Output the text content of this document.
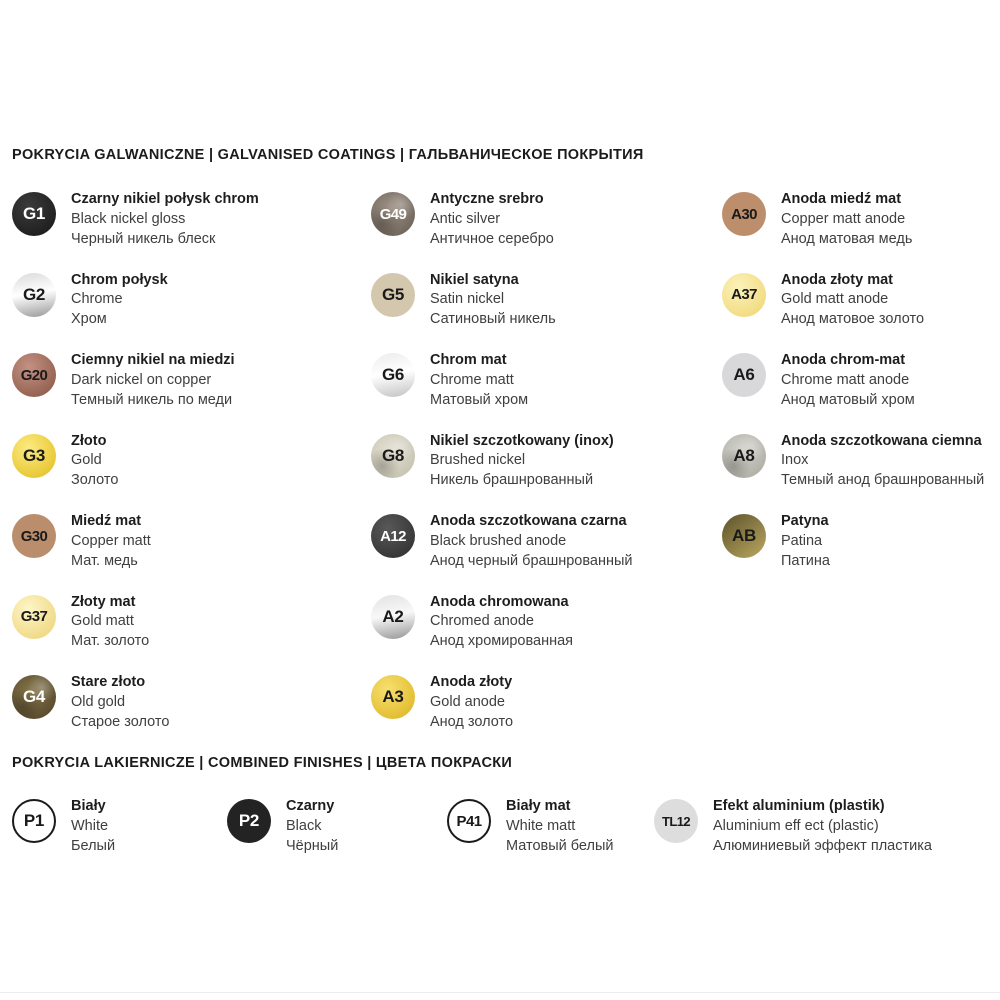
POKRYCIA GALWANICZNE | GALVANISED COATINGS | ГАЛЬВАНИЧЕСКОЕ ПОКРЫТИЯ
G1
Czarny nikiel połysk chrom
Black nickel gloss
Черный никель блеск
G2
Chrom połysk
Chrome
Хром
G20
Ciemny nikiel na miedzi
Dark nickel on copper
Темный никель по меди
G3
Złoto
Gold
Золото
G30
Miedź mat
Copper matt
Мат. медь
G37
Złoty mat
Gold matt
Мат. золото
G4
Stare złoto
Old gold
Старое золото
G49
Antyczne srebro
Antic silver
Античное серебро
G5
Nikiel satyna
Satin nickel
Сатиновый никель
G6
Chrom mat
Chrome matt
Матовый хром
G8
Nikiel szczotkowany (inox)
Brushed nickel
Никель брашнрованный
A12
Anoda szczotkowana czarna
Black brushed anode
Анод черный брашнрованный
A2
Anoda chromowana
Chromed anode
Анод хромированная
A3
Anoda złoty
Gold anode
Анод золото
A30
Anoda miedź mat
Copper matt anode
Анод матовая медь
A37
Anoda złoty mat
Gold matt anode
Анод матовое золото
A6
Anoda chrom-mat
Chrome matt anode
Анод матовый хром
A8
Anoda szczotkowana ciemna
Inox
Темный анод брашнрованный
AB
Patyna
Patina
Патина
POKRYCIA LAKIERNICZE | COMBINED FINISHES | ЦВЕТА ПОКРАСКИ
P1
Biały
White
Белый
P2
Czarny
Black
Чёрный
P41
Biały mat
White matt
Матовый белый
TL12
Efekt aluminium (plastik)
Aluminium eff ect (plastic)
Алюминиевый эффект пластика
